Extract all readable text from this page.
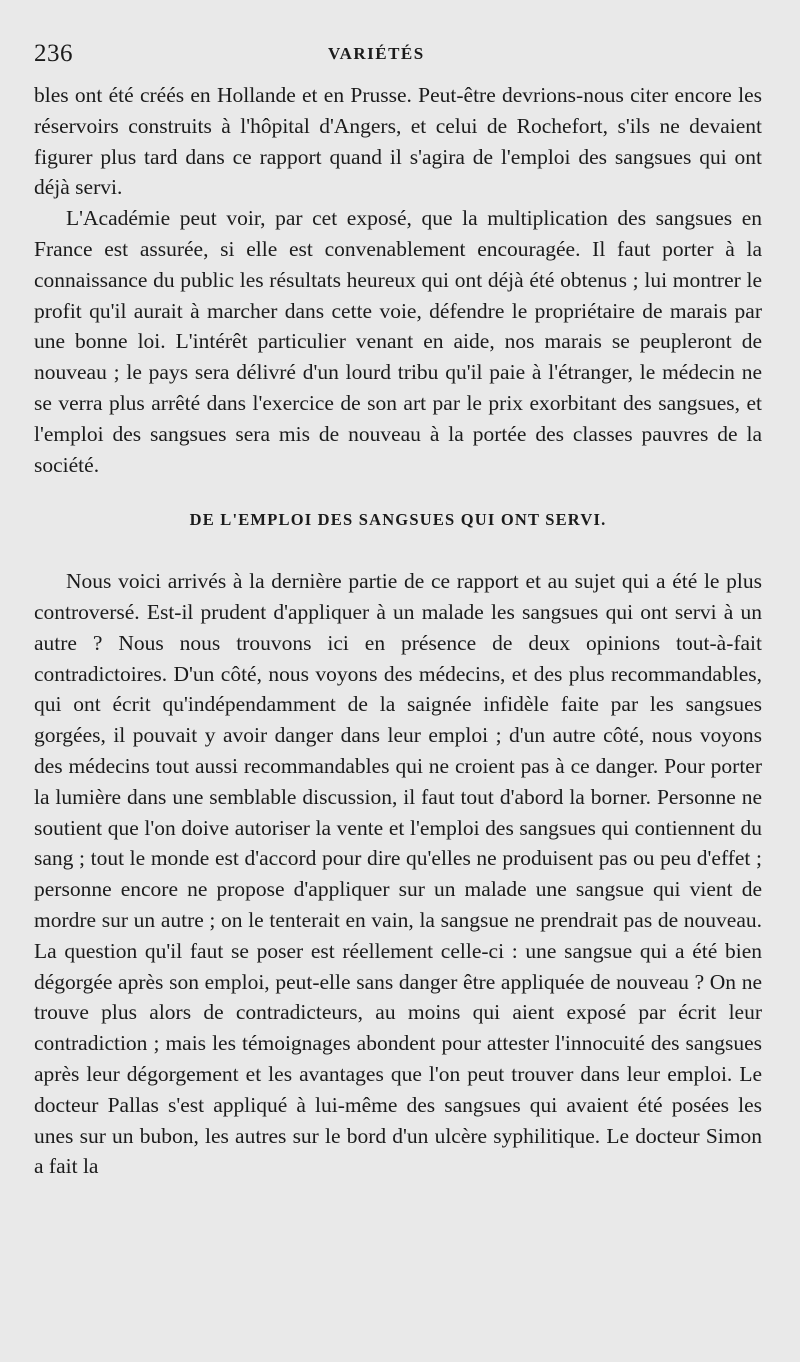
236	VARIÉTÉS

bles ont été créés en Hollande et en Prusse. Peut-être devrions-nous citer encore les réservoirs construits à l'hôpital d'Angers, et celui de Rochefort, s'ils ne devaient figurer plus tard dans ce rapport quand il s'agira de l'emploi des sangsues qui ont déjà servi.

L'Académie peut voir, par cet exposé, que la multiplication des sangsues en France est assurée, si elle est convenablement encouragée. Il faut porter à la connaissance du public les résultats heureux qui ont déjà été obtenus ; lui montrer le profit qu'il aurait à marcher dans cette voie, défendre le propriétaire de marais par une bonne loi. L'intérêt particulier venant en aide, nos marais se peupleront de nouveau ; le pays sera délivré d'un lourd tribu qu'il paie à l'étranger, le médecin ne se verra plus arrêté dans l'exercice de son art par le prix exorbitant des sangsues, et l'emploi des sangsues sera mis de nouveau à la portée des classes pauvres de la société.

DE L'EMPLOI DES SANGSUES QUI ONT SERVI.

Nous voici arrivés à la dernière partie de ce rapport et au sujet qui a été le plus controversé. Est-il prudent d'appliquer à un malade les sangsues qui ont servi à un autre ? Nous nous trouvons ici en présence de deux opinions tout-à-fait contradictoires. D'un côté, nous voyons des médecins, et des plus recommandables, qui ont écrit qu'indépendamment de la saignée infidèle faite par les sangsues gorgées, il pouvait y avoir danger dans leur emploi ; d'un autre côté, nous voyons des médecins tout aussi recommandables qui ne croient pas à ce danger. Pour porter la lumière dans une semblable discussion, il faut tout d'abord la borner. Personne ne soutient que l'on doive autoriser la vente et l'emploi des sangsues qui contiennent du sang ; tout le monde est d'accord pour dire qu'elles ne produisent pas ou peu d'effet ; personne encore ne propose d'appliquer sur un malade une sangsue qui vient de mordre sur un autre ; on le tenterait en vain, la sangsue ne prendrait pas de nouveau. La question qu'il faut se poser est réellement celle-ci : une sangsue qui a été bien dégorgée après son emploi, peut-elle sans danger être appliquée de nouveau ? On ne trouve plus alors de contradicteurs, au moins qui aient exposé par écrit leur contradiction ; mais les témoignages abondent pour attester l'innocuité des sangsues après leur dégorgement et les avantages que l'on peut trouver dans leur emploi. Le docteur Pallas s'est appliqué à lui-même des sangsues qui avaient été posées les unes sur un bubon, les autres sur le bord d'un ulcère syphilitique. Le docteur Simon a fait la
